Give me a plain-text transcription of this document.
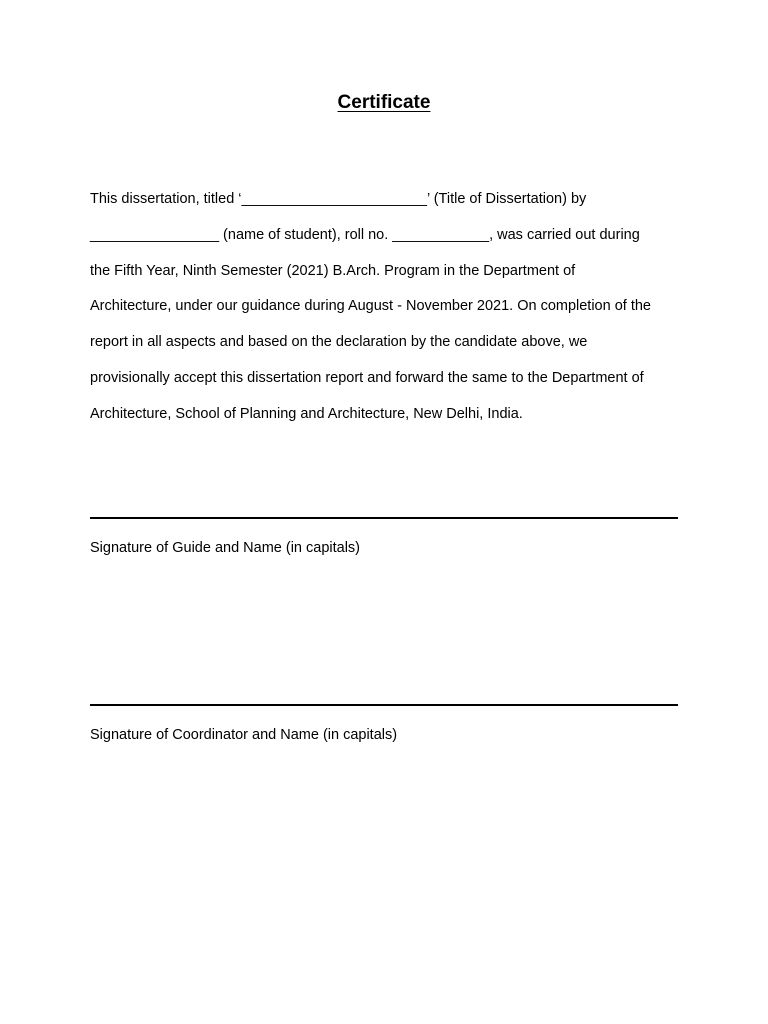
Certificate
This dissertation, titled ‘_______________________’ (Title of Dissertation) by
________________ (name of student), roll no. ____________, was carried out during
the Fifth Year, Ninth Semester (2021) B.Arch. Program in the Department of
Architecture, under our guidance during August - November 2021. On completion of the
report in all aspects and based on the declaration by the candidate above, we
provisionally accept this dissertation report and forward the same to the Department of
Architecture, School of Planning and Architecture, New Delhi, India.
Signature of Guide and Name (in capitals)
Signature of Coordinator and Name (in capitals)
